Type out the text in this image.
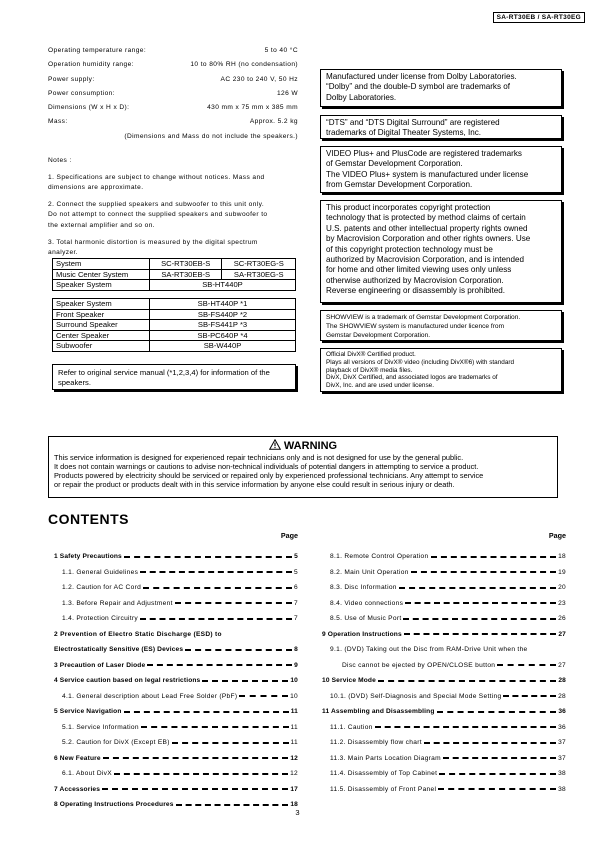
SA-RT30EB / SA-RT30EG
Operating temperature range:	5 to 40 °C
Operation humidity range:	10 to 80% RH (no condensation)
Power supply:	AC 230 to 240 V, 50 Hz
Power consumption:	126 W
Dimensions (W x H x D):	430 mm x 75 mm x 385 mm
Mass:	Approx. 5.2 kg
(Dimensions and Mass do not include the speakers.)
Notes :
1. Specifications are subject to change without notices. Mass and
dimensions are approximate.
2. Connect the supplied speakers and subwoofer to this unit only.
Do not attempt to connect the supplied speakers and subwoofer to
the external amplifier and so on.
3. Total harmonic distortion is measured by the digital spectrum
analyzer.
System	SC-RT30EB-S	SC-RT30EG-S
Music Center System	SA-RT30EB-S	SA-RT30EG-S
Speaker System	SB-HT440P	
Speaker System	SB-HT440P *1
Front Speaker	SB-FS440P *2
Surround Speaker	SB-FS441P *3
Center Speaker	SB-PC640P *4
Subwoofer	SB-W440P
Refer to original service manual (*1,2,3,4) for information of the
speakers.
Manufactured under license from Dolby Laboratories.
“Dolby” and the double-D symbol are trademarks of
Dolby Laboratories.
“DTS” and “DTS Digital Surround” are registered
trademarks of Digital Theater Systems, Inc.
VIDEO Plus+ and PlusCode are registered trademarks
of Gemstar Development Corporation.
The VIDEO Plus+ system is manufactured under license
from Gemstar Development Corporation.
This product incorporates copyright protection
technology that is protected by method claims of certain
U.S. patents and other intellectual property rights owned
by Macrovision Corporation and other rights owners. Use
of this copyright protection technology must be
authorized by Macrovision Corporation, and is intended
for home and other limited viewing uses only unless
otherwise authorized by Macrovision Corporation.
Reverse engineering or disassembly is prohibited.
SHOWVIEW is a trademark of Gemstar Development Corporation.
The SHOWVIEW system is manufactured under licence from
Gemstar Development Corporation.
Official DivX® Certified product.
Plays all versions of DivX® video (including DivX®6) with standard
playback of DivX® media files.
DivX, DivX Certified, and associated logos are trademarks of
DivX, Inc. and are used under license.
WARNING
This service information is designed for experienced repair technicians only and is not designed for use by the general public.
It does not contain warnings or cautions to advise non-technical individuals of potential dangers in attempting to service a product.
Products powered by electricity should be serviced or repaired only by experienced professional technicians. Any attempt to service
or repair the product or products dealt with in this service information by anyone else could result in serious injury or death.
CONTENTS
Page
1 Safety Precautions	5
1.1. General Guidelines	5
1.2. Caution for AC Cord	6
1.3. Before Repair and Adjustment	7
1.4. Protection Circuitry	7
2 Prevention of Electro Static Discharge (ESD) to
Electrostatically Sensitive (ES) Devices	8
3 Precaution of Laser Diode	9
4 Service caution based on legal restrictions	10
4.1. General description about Lead Free Solder (PbF)	10
5 Service Navigation	11
5.1. Service Information	11
5.2. Caution for DivX (Except EB)	11
6 New Feature	12
6.1. About DivX	12
7 Accessories	17
8 Operating Instructions Procedures	18
Page
8.1. Remote Control Operation	18
8.2. Main Unit Operation	19
8.3. Disc Information	20
8.4. Video connections	23
8.5. Use of Music Port	26
9 Operation Instructions	27
9.1. (DVD) Taking out the Disc from RAM-Drive Unit when the
Disc cannot be ejected by OPEN/CLOSE button	27
10 Service Mode	28
10.1. (DVD) Self-Diagnosis and Special Mode Setting	28
11 Assembling and Disassembling	36
11.1. Caution	36
11.2. Disassembly flow chart	37
11.3. Main Parts Location Diagram	37
11.4. Disassembly of Top Cabinet	38
11.5. Disassembly of Front Panel	38
3
